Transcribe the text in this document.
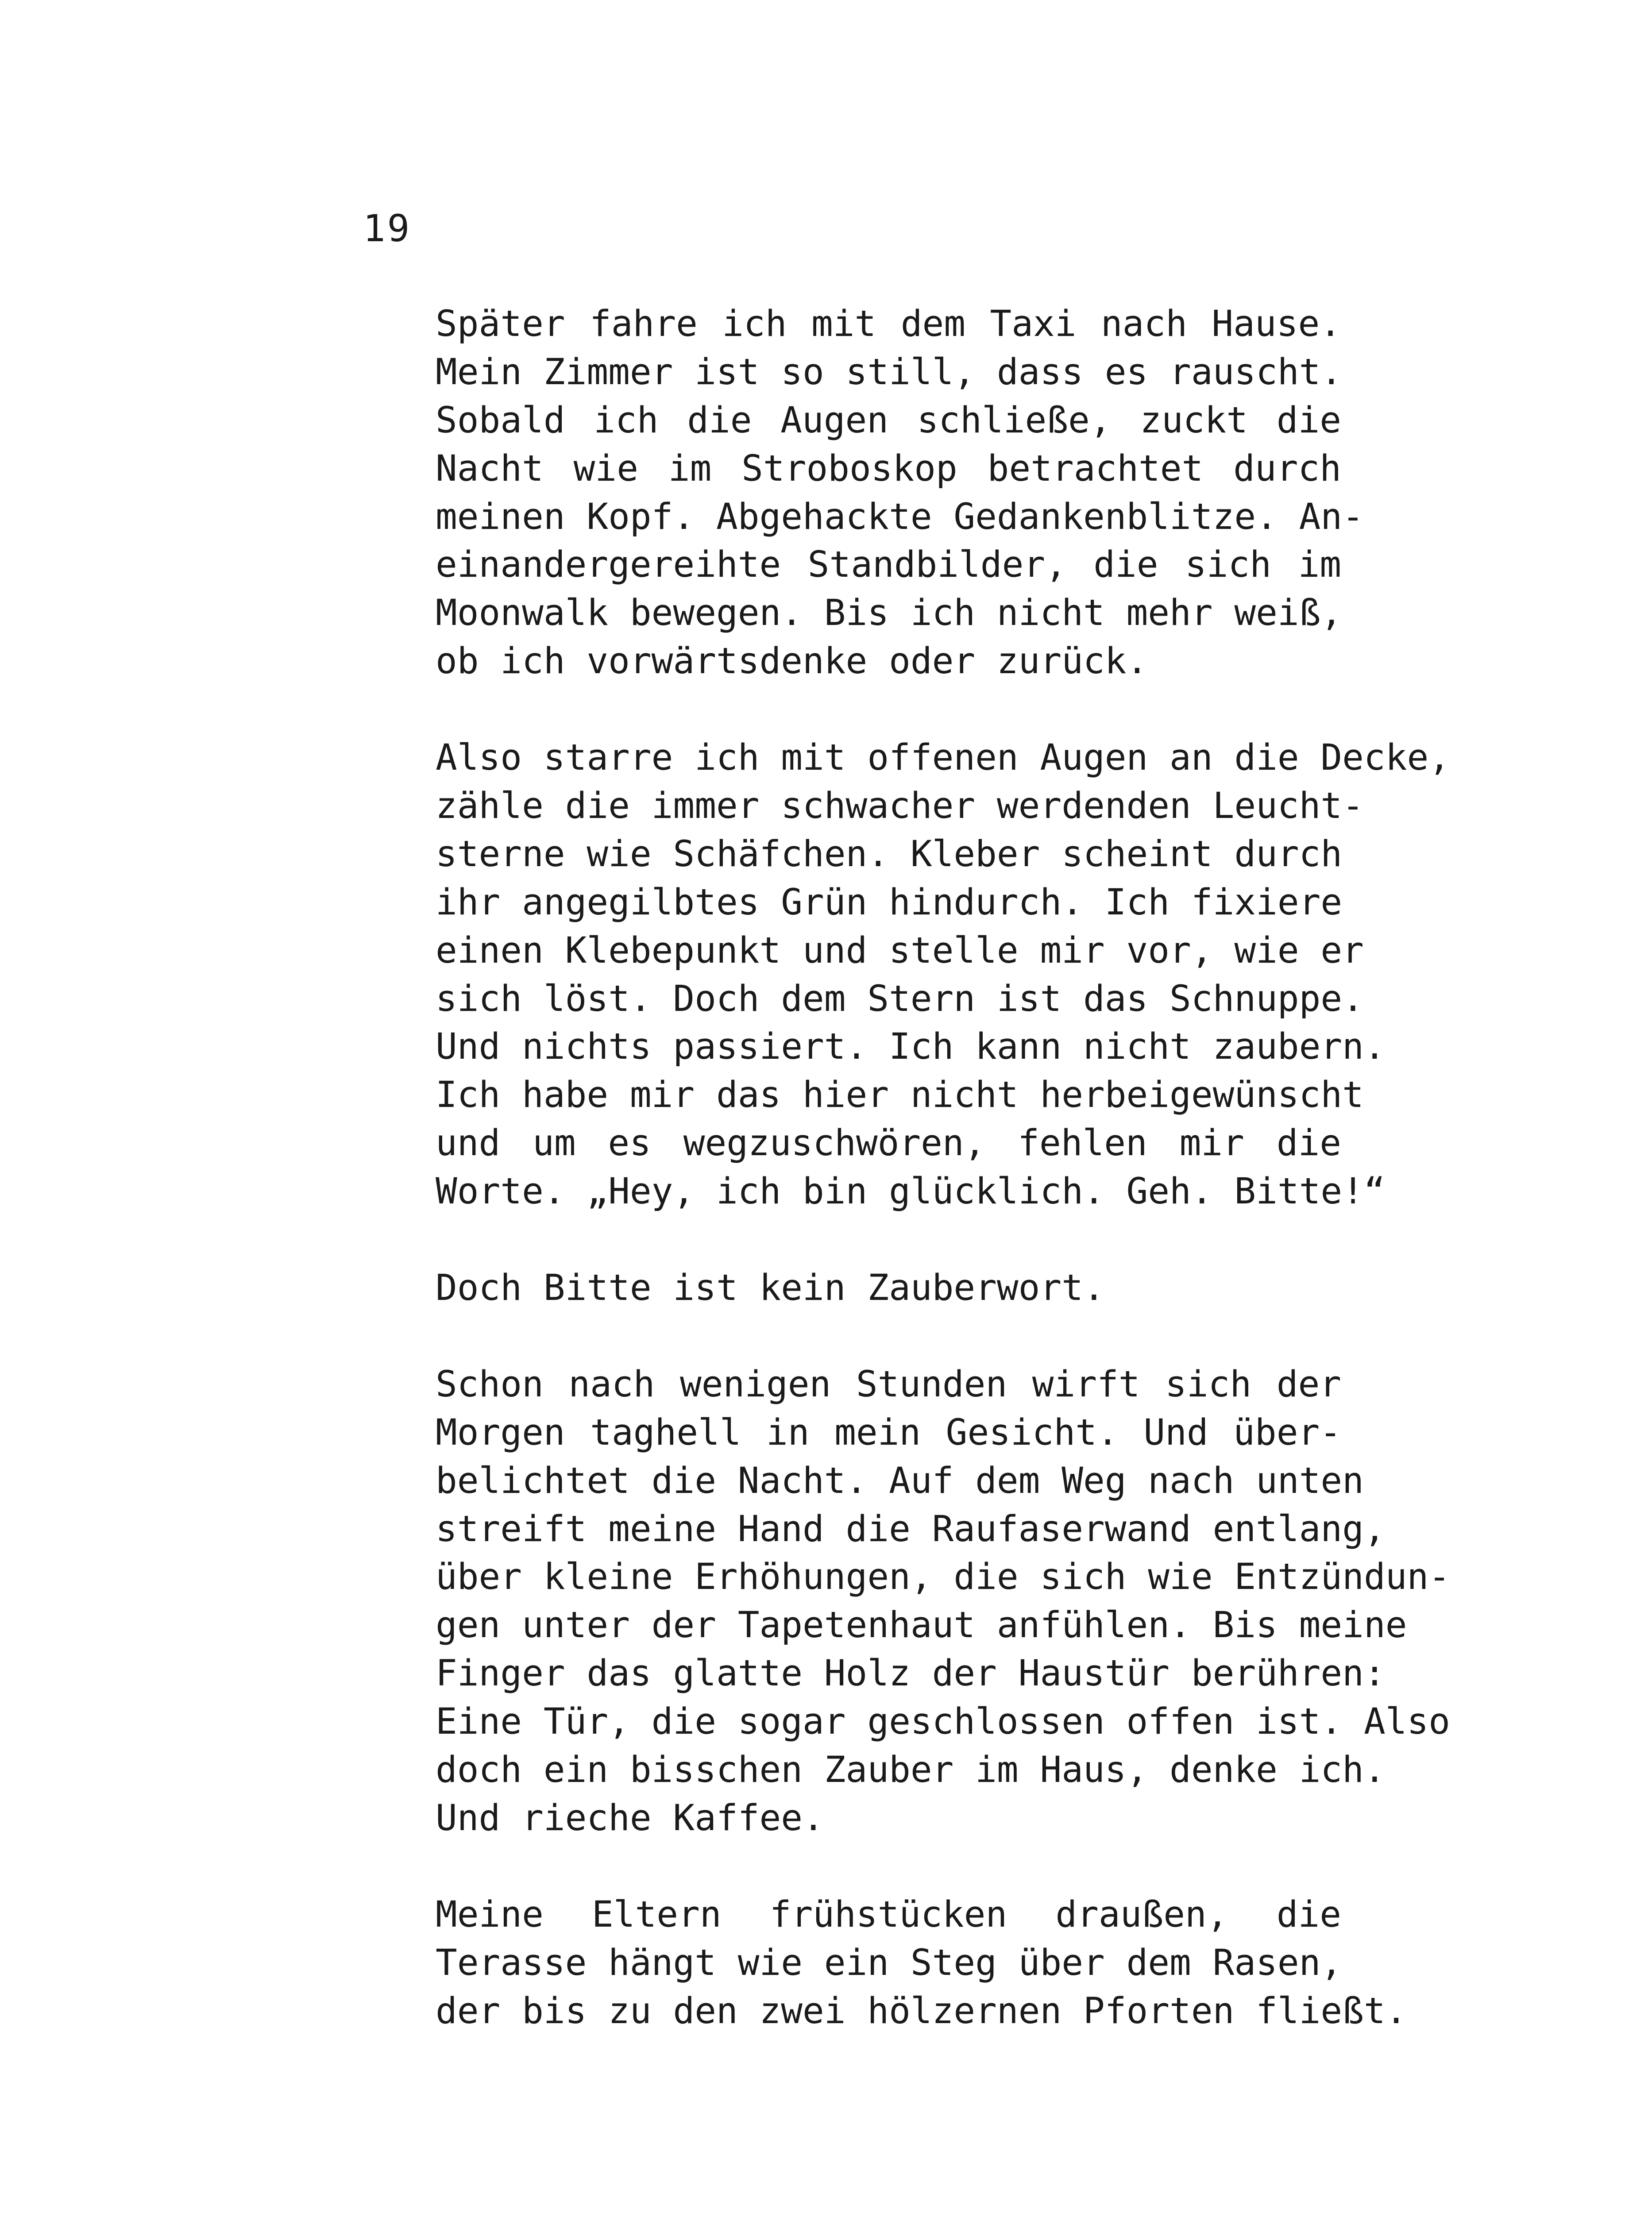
19
Später fahre ich mit dem Taxi nach Hause.
Mein Zimmer ist so still, dass es rauscht.
Sobald ich die Augen schließe, zuckt die
Nacht wie im Stroboskop betrachtet durch
meinen Kopf. Abgehackte Gedankenblitze. An-
einandergereihte Standbilder, die sich im
Moonwalk bewegen. Bis ich nicht mehr weiß,
ob ich vorwärtsdenke oder zurück.
Also starre ich mit offenen Augen an die Decke,
zähle die immer schwacher werdenden Leucht-
sterne wie Schäfchen. Kleber scheint durch
ihr angegilbtes Grün hindurch. Ich fixiere
einen Klebepunkt und stelle mir vor, wie er
sich löst. Doch dem Stern ist das Schnuppe.
Und nichts passiert. Ich kann nicht zaubern.
Ich habe mir das hier nicht herbeigewünscht
und um es wegzuschwören, fehlen mir die
Worte. „Hey, ich bin glücklich. Geh. Bitte!“
Doch Bitte ist kein Zauberwort.
Schon nach wenigen Stunden wirft sich der
Morgen taghell in mein Gesicht. Und über-
belichtet die Nacht. Auf dem Weg nach unten
streift meine Hand die Raufaserwand entlang,
über kleine Erhöhungen, die sich wie Entzündun-
gen unter der Tapetenhaut anfühlen. Bis meine
Finger das glatte Holz der Haustür berühren:
Eine Tür, die sogar geschlossen offen ist. Also
doch ein bisschen Zauber im Haus, denke ich.
Und rieche Kaffee.
Meine Eltern frühstücken draußen, die
Terasse hängt wie ein Steg über dem Rasen,
der bis zu den zwei hölzernen Pforten fließt.
